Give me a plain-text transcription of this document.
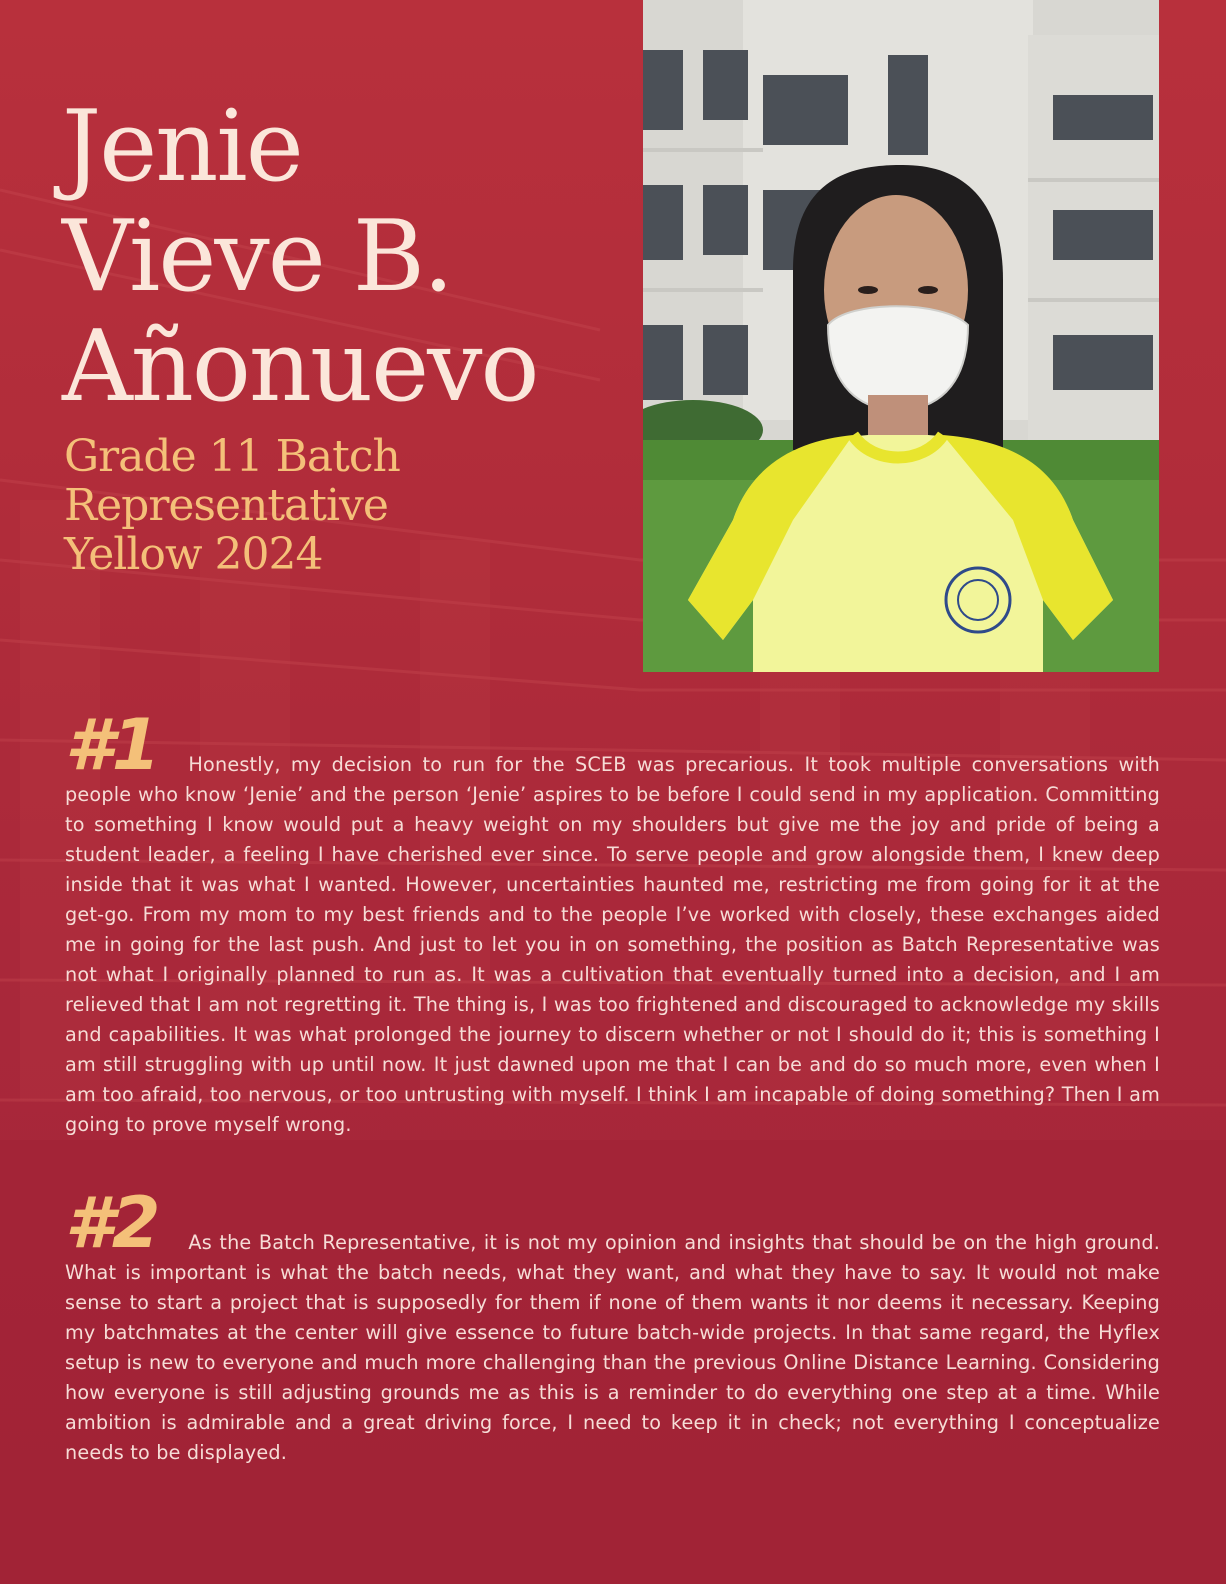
Jenie
Vieve B.
Añonuevo
Grade 11 Batch
Representative
Yellow 2024
#1	Honestly, my decision to run for the SCEB was precarious. It took multiple conversations with people who know ‘Jenie’ and the person ‘Jenie’ aspires to be before I could send in my application. Committing to something I know would put a heavy weight on my shoulders but give me the joy and pride of being a student leader, a feeling I have cherished ever since. To serve people and grow alongside them, I knew deep inside that it was what I wanted. However, uncertainties haunted me, restricting me from going for it at the get-go. From my mom to my best friends and to the people I’ve worked with closely, these exchanges aided me in going for the last push. And just to let you in on something, the position as Batch Representative was not what I originally planned to run as. It was a cultivation that eventually turned into a decision, and I am relieved that I am not regretting it. The thing is, I was too frightened and discouraged to acknowledge my skills and capabilities. It was what prolonged the journey to discern whether or not I should do it; this is something I am still struggling with up until now. It just dawned upon me that I can be and do so much more, even when I am too afraid, too nervous, or too untrusting with myself. I think I am incapable of doing something? Then I am going to prove myself wrong.

#2	As the Batch Representative, it is not my opinion and insights that should be on the high ground. What is important is what the batch needs, what they want, and what they have to say. It would not make sense to start a project that is supposedly for them if none of them wants it nor deems it necessary. Keeping my batchmates at the center will give essence to future batch-wide projects. In that same regard, the Hyflex setup is new to everyone and much more challenging than the previous Online Distance Learning. Considering how everyone is still adjusting grounds me as this is a reminder to do everything one step at a time. While ambition is admirable and a great driving force, I need to keep it in check; not everything I conceptualize needs to be displayed.
